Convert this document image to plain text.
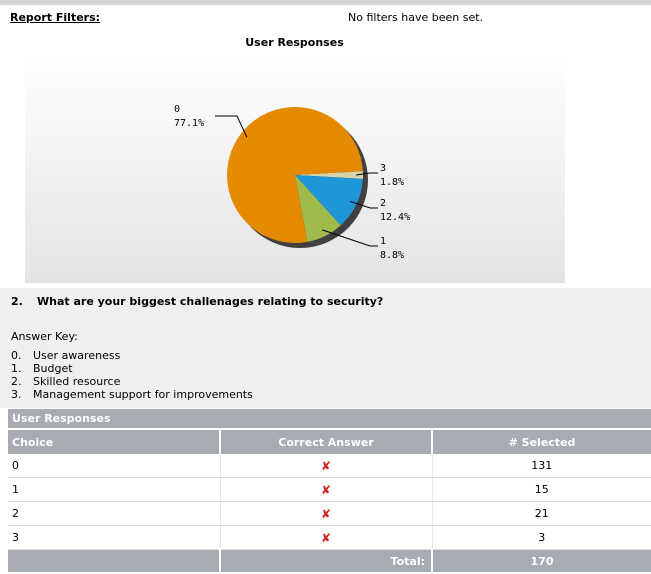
Report Filters:	No filters have been set.
User Responses
0
77.1%
3
1.8%
2
12.4%
1
8.8%
2. What are your biggest challenages relating to security?
Answer Key:
0.	User awareness
1.	Budget
2.	Skilled resource
3.	Management support for improvements
User Responses		
Choice	Correct Answer	# Selected
0	✘	131
1	✘	15
2	✘	21
3	✘	3
	Total:	170
